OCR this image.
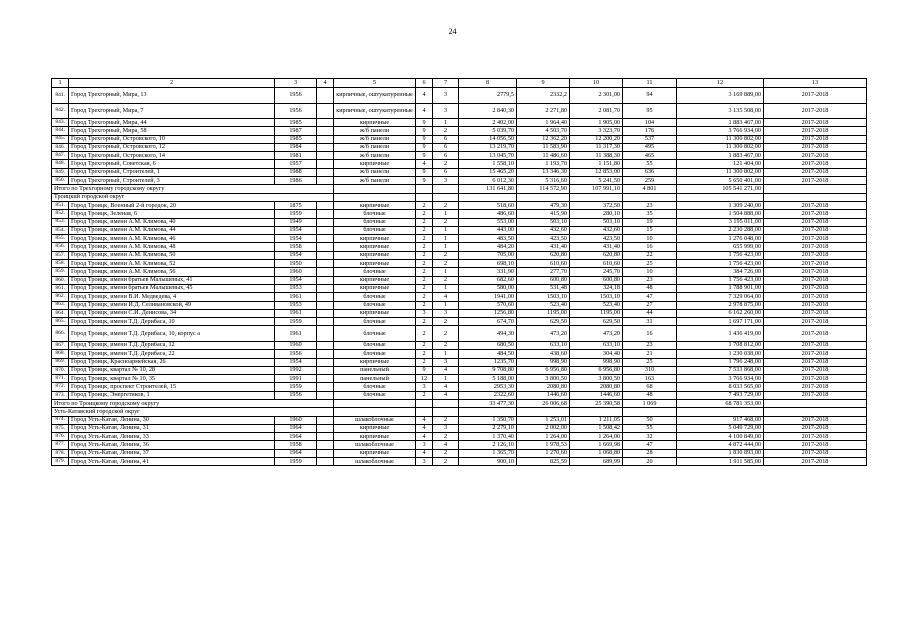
24
1	2	3	4	5	6	7	8	9	10	11	12	13
841.	Город Трехгорный, Мира, 13	1956		кирпичные, оштукатуренные	4	3	2779,5	2332,2	2 301,00	94	3 169 889,00	2017-2018
842.	Город Трехгорный, Мира, 7	1956		кирпичные, оштукатуренные	4	3	2 840,30	2 271,80	2 081,70	95	3 135 508,00	2017-2018
843.	Город Трехгорный, Мира, 44	1985		кирпичные	9	1	2 402,00	1 964,40	1 905,00	104	1 883 467,00	2017-2018
844.	Город Трехгорный, Мира, 58	1987		ж/б панели	9	2	5 039,70	4 503,70	3 323,70	176	3 766 934,00	2017-2018
845.	Город Трехгорный, Островского, 10	1985		ж/б панели	9	6	14 056,50	12 362,20	12 200,20	537	11 300 802,00	2017-2018
846.	Город Трехгорный, Островского, 12	1984		ж/б панели	9	6	13 219,70	11 583,90	11 317,30	495	11 300 802,00	2017-2018
847.	Город Трехгорный, Островского, 14	1981		ж/б панели	9	6	13 045,70	11 486,60	11 388,30	465	1 883 467,00	2017-2018
848.	Город Трехгорный, Советская, 6	1957		кирпичные	4	2	1 558,10	1 193,70	1 151,80	55	121 404,00	2017-2018
849.	Город Трехгорный, Строителей, 1	1988		ж/б панели	9	6	15 465,20	13 346,30	12 853,00	636	11 300 802,00	2017-2018
850.	Город Трехгорный, Строителей, 3	1986		ж/б панели	9	3	6 012,30	5 316,60	5 241,50	259	5 650 401,00	2017-2018
Итого по Трехгорному городскому округу							131 641,80	114 572,90	107 991,10	4 801	105 541 271,00	
Троицкий городской округ												
851.	Город Троицк, Военный 2-й городок, 20	1875		кирпичные	2	2	518,60	479,30	372,50	23	1 309 240,00	2017-2018
852.	Город Троицк, Зеленая, 6	1959		блочные	2	1	486,60	415,90	280,10	35	1 504 888,00	2017-2018
853.	Город Троицк, имени А.М. Климова, 40	1949		блочные	2	2	553,00	503,10	503,10	19	3 195 011,00	2017-2018
854.	Город Троицк, имени А.М. Климова, 44	1954		блочные	2	1	443,00	432,60	432,60	15	2 230 288,00	2017-2018
855.	Город Троицк, имени А.М. Климова, 46	1954		кирпичные	2	1	483,50	423,50	423,50	10	1 276 048,00	2017-2018
856.	Город Троицк, имени А.М. Климова, 48	1958		кирпичные	2	1	484,20	431,40	431,40	16	655 999,00	2017-2018
857.	Город Троицк, имени А.М. Климова, 50	1954		кирпичные	2	2	705,00	620,80	620,80	22	1 756 423,00	2017-2018
858.	Город Троицк, имени А.М. Климова, 52	1950		кирпичные	2	2	698,10	610,60	610,60	25	1 756 423,00	2017-2018
859.	Город Троицк, имени А.М. Климова, 56	1960		блочные	2	1	331,90	277,70	245,70	10	384 726,00	2017-2018
860.	Город Троицк, имени братьев Малышевых, 41	1954		кирпичные	2	2	682,60	600,80	600,80	23	1 756 423,00	2017-2018
861.	Город Троицк, имени братьев Малышевых, 45	1953		кирпичные	2	1	580,00	531,48	324,18	48	1 788 901,00	2017-2018
862.	Город Троицк, имени В.И. Медведева, 4	1961		блочные	2	4	1941,00	1503,10	1503,10	47	7 329 064,00	2017-2018
863.	Город Троицк, имени И.Д. Селивановской, 49	1953		блочные	2	1	570,60	523,40	523,40	27	2 978 875,00	2017-2018
864.	Город Троицк, имени С.И. Денисова, 34	1961		кирпичные	3	3	1256,80	1195,00	1195,00	44	6 162 260,00	2017-2018
865.	Город Троицк, имени Т.Д. Дерибаса, 10	1959		блочные	2	2	674,70	629,50	629,50	31	1 697 171,00	2017-2018
866.	Город Троицк, имени Т.Д. Дерибаса, 10, корпус а	1961		блочные	2	2	494,30	473,20	473,20	16	1 436 419,00	2017-2018
867.	Город Троицк, имени Т.Д. Дерибаса, 12	1960		блочные	2	2	680,50	633,10	633,10	23	1 708 812,00	2017-2018
868.	Город Троицк, имени Т.Д. Дерибаса, 22	1956		блочные	2	1	484,50	438,60	304,40	21	1 230 038,00	2017-2018
869.	Город Троицк, Красноармейская, 26	1954		кирпичные	2	3	1235,70	998,90	998,90	25	1 796 248,00	2017-2018
870.	Город Троицк, квартал № 10, 28	1992		панельный	9	4	9 708,80	6 956,80	6 956,80	310	7 533 868,00	2017-2018
871.	Город Троицк, квартал № 10, 35	1991		панельный	12	1	5 188,00	3 800,50	3 800,50	163	3 766 934,00	2017-2018
872.	Город Троицк, проспект Строителей, 15	1959		блочные	3	4	2953,30	2080,80	2080,80	68	8 033 565,00	2017-2018
873.	Город Троицк, Энергетиков, 1	1956		блочные	2	4	2322,60	1446,60	1446,60	48	7 493 729,00	2017-2018
Итого по Троицкому городскому округу							33 477,30	26 006,68	25 390,58	1 069	68 781 353,00	
Усть-Катавский городской округ												
874.	Город Усть-Катав, Ленина, 30	1960		шлакоблочные	4	2	1 350,70	1 253,01	1 211,05	50	917 468,00	2017-2018
875.	Город Усть-Катав, Ленина, 31	1964		кирпичные	4	3	2 279,10	2 002,00	1 508,42	55	5 049 729,00	2017-2018
876.	Город Усть-Катав, Ленина, 33	1964		кирпичные	4	2	1 370,40	1 264,00	1 264,00	32	4 100 849,00	2017-2018
877.	Город Усть-Катав, Ленина, 36	1958		шлакоблочные	3	4	2 126,10	1 978,53	1 669,98	47	4 872 444,00	2017-2018
878.	Город Усть-Катав, Ленина, 37	1964		кирпичные	4	2	1 365,70	1 270,60	1 068,80	28	1 830 893,00	2017-2018
879.	Город Усть-Катав, Ленина, 41	1959		шлакоблочные	3	2	900,10	825,59	689,99	20	1 911 585,00	2017-2018
